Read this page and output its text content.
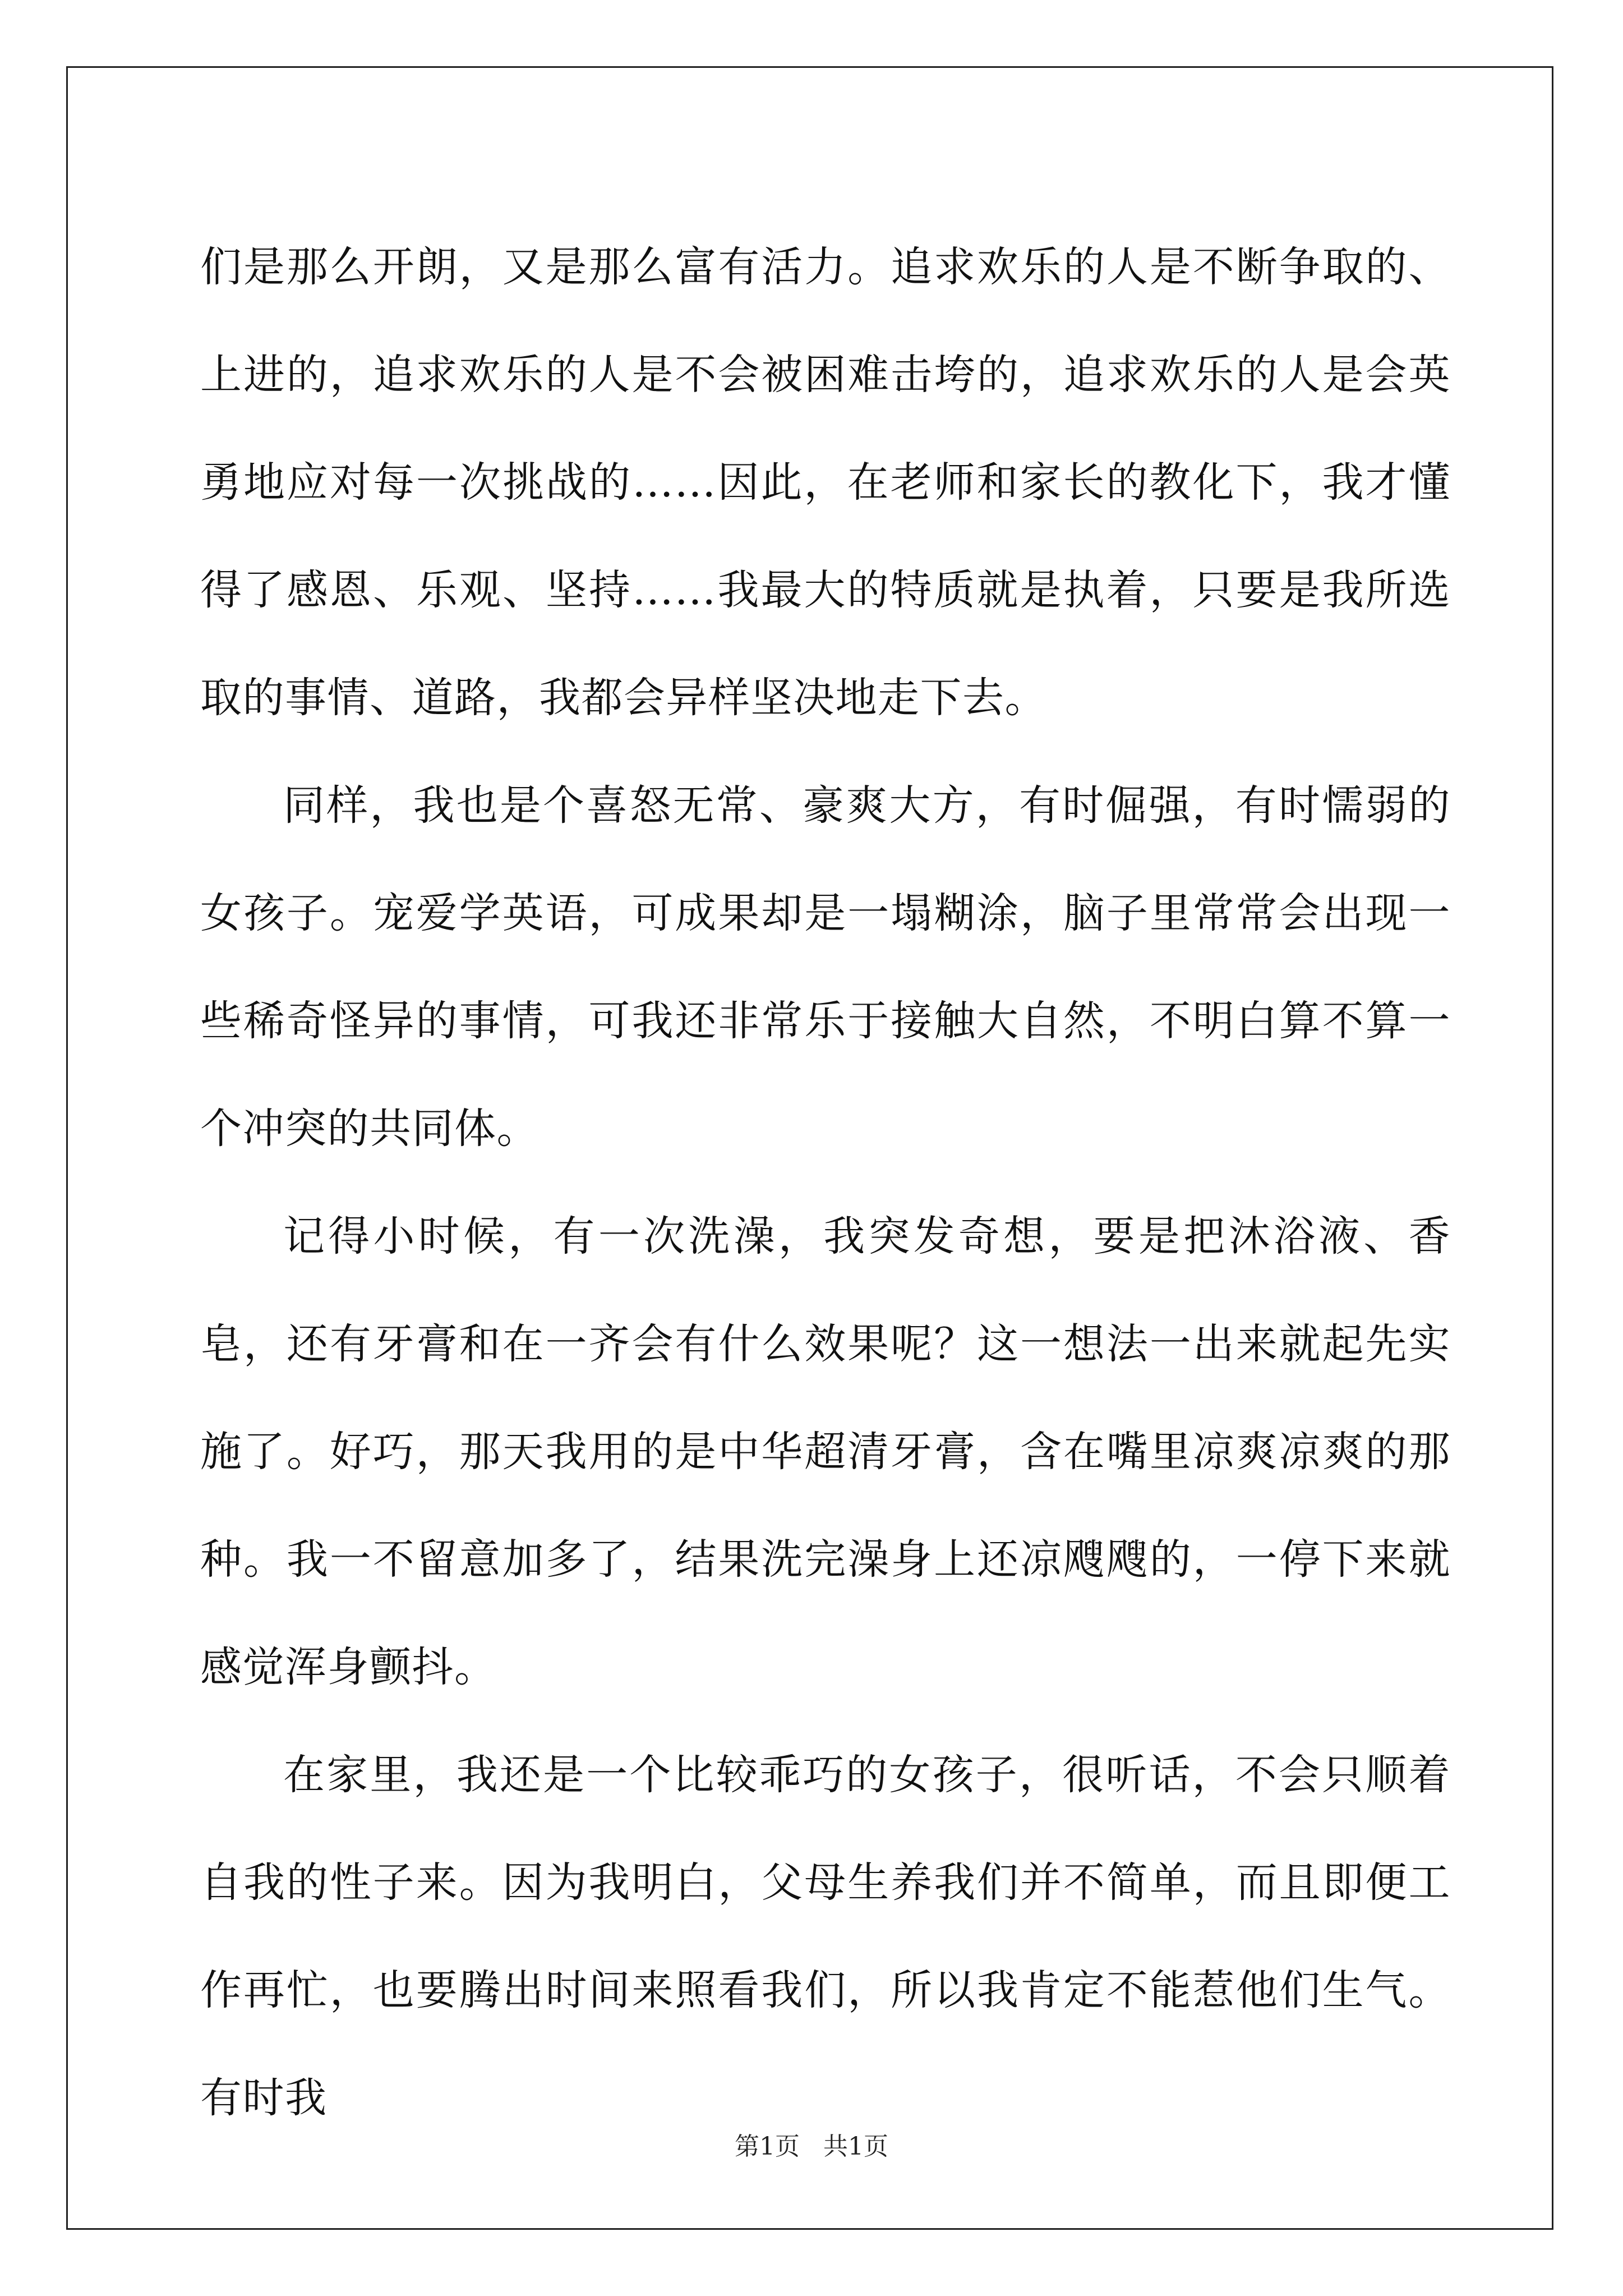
们是那么开朗，又是那么富有活力。追求欢乐的人是不断争取的、上进的，追求欢乐的人是不会被困难击垮的，追求欢乐的人是会英勇地应对每一次挑战的……因此，在老师和家长的教化下，我才懂得了感恩、乐观、坚持……我最大的特质就是执着，只要是我所选取的事情、道路，我都会异样坚决地走下去。

同样，我也是个喜怒无常、豪爽大方，有时倔强，有时懦弱的女孩子。宠爱学英语，可成果却是一塌糊涂，脑子里常常会出现一些稀奇怪异的事情，可我还非常乐于接触大自然，不明白算不算一个冲突的共同体。

记得小时候，有一次洗澡，我突发奇想，要是把沐浴液、香皂，还有牙膏和在一齐会有什么效果呢？这一想法一出来就起先实施了。好巧，那天我用的是中华超清牙膏，含在嘴里凉爽凉爽的那种。我一不留意加多了，结果洗完澡身上还凉飕飕的，一停下来就感觉浑身颤抖。

在家里，我还是一个比较乖巧的女孩子，很听话，不会只顺着自我的性子来。因为我明白，父母生养我们并不简单，而且即便工作再忙，也要腾出时间来照看我们，所以我肯定不能惹他们生气。有时我

第1页 共1页
